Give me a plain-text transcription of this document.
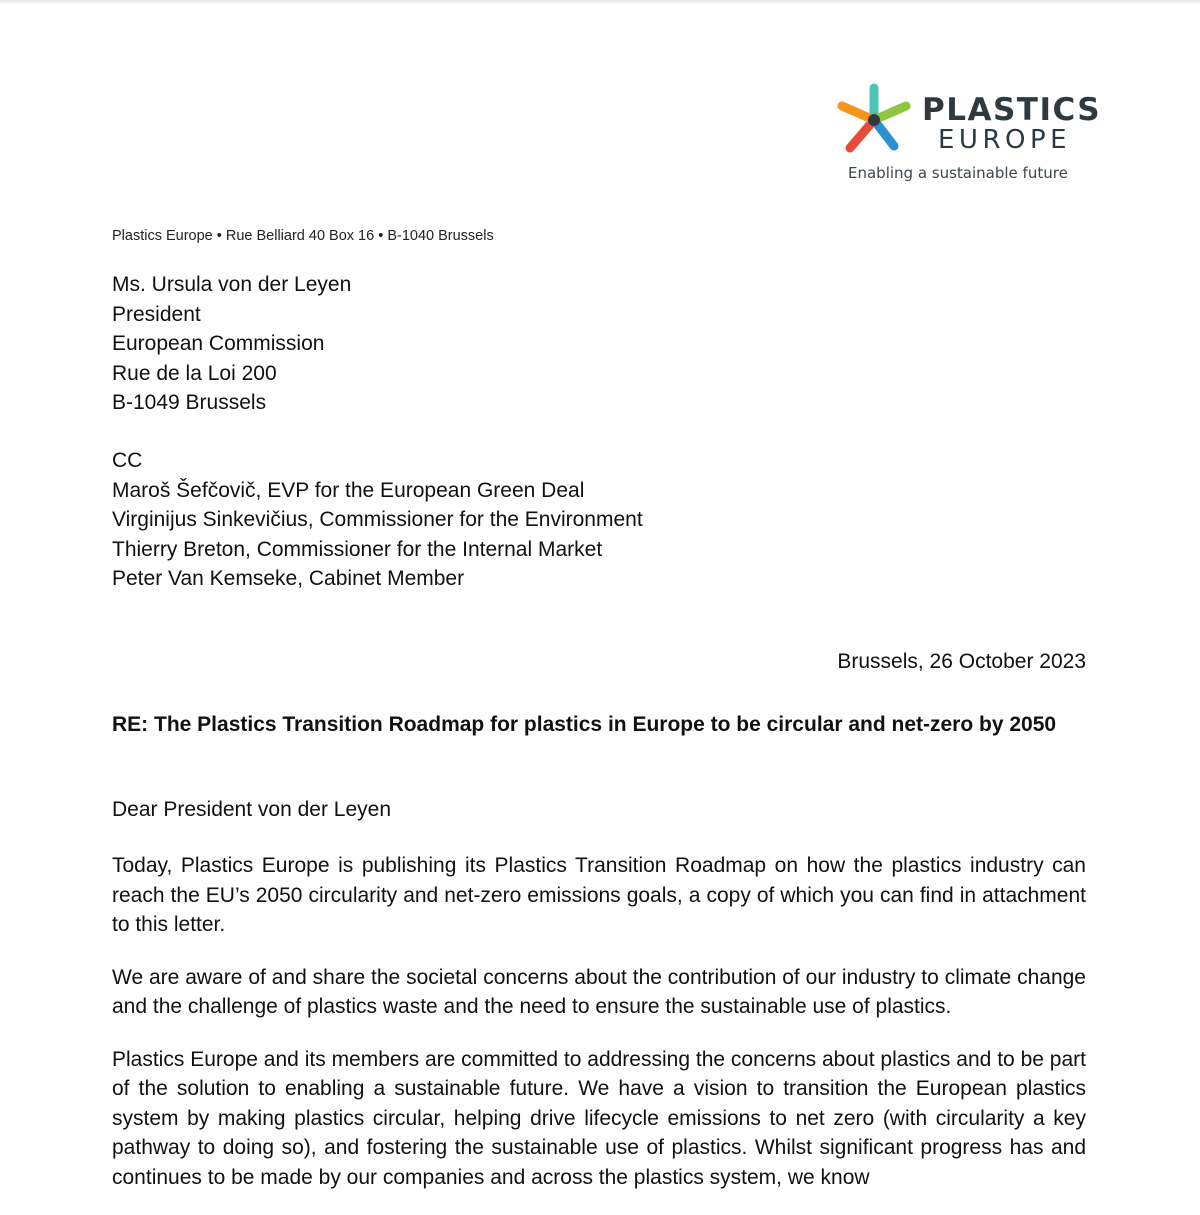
PLASTICS
EUROPE
Enabling a sustainable future
Plastics Europe • Rue Belliard 40 Box 16 • B-1040 Brussels
Ms. Ursula von der Leyen
President
European Commission
Rue de la Loi 200
B-1049 Brussels
CC
Maroš Šefčovič, EVP for the European Green Deal
Virginijus Sinkevičius, Commissioner for the Environment
Thierry Breton, Commissioner for the Internal Market
Peter Van Kemseke, Cabinet Member
Brussels, 26 October 2023
RE: The Plastics Transition Roadmap for plastics in Europe to be circular and net-zero by 2050
Dear President von der Leyen

Today, Plastics Europe is publishing its Plastics Transition Roadmap on how the plastics industry can reach the EU’s 2050 circularity and net-zero emissions goals, a copy of which you can find in attachment to this letter.

We are aware of and share the societal concerns about the contribution of our industry to climate change and the challenge of plastics waste and the need to ensure the sustainable use of plastics.

Plastics Europe and its members are committed to addressing the concerns about plastics and to be part of the solution to enabling a sustainable future. We have a vision to transition the European plastics system by making plastics circular, helping drive lifecycle emissions to net zero (with circularity a key pathway to doing so), and fostering the sustainable use of plastics. Whilst significant progress has and continues to be made by our companies and across the plastics system, we know
